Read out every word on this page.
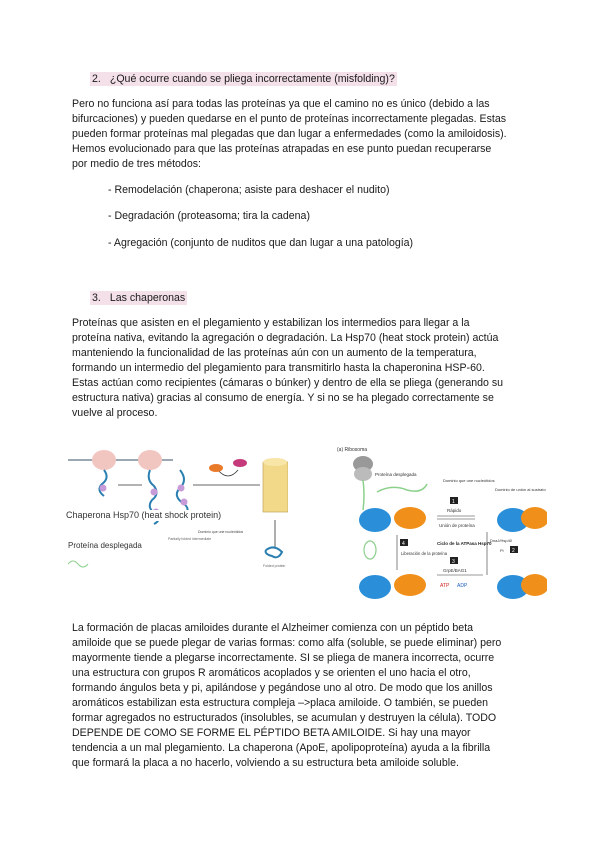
2. ¿Qué ocurre cuando se pliega incorrectamente (misfolding)?
Pero no funciona así para todas las proteínas ya que el camino no es único (debido a las
bifurcaciones) y pueden quedarse en el punto de proteínas incorrectamente plegadas. Estas
pueden formar proteínas mal plegadas que dan lugar a enfermedades (como la amiloidosis).
Hemos evolucionado para que las proteínas atrapadas en ese punto puedan recuperarse
por medio de tres métodos:
- Remodelación (chaperona; asiste para deshacer el nudito)
- Degradación (proteasoma; tira la cadena)
- Agregación (conjunto de nuditos que dan lugar a una patología)
3. Las chaperonas
Proteínas que asisten en el plegamiento y estabilizan los intermedios para llegar a la
proteína nativa, evitando la agregación o degradación. La Hsp70 (heat stock protein) actúa
manteniendo la funcionalidad de las proteínas aún con un aumento de la temperatura,
formando un intermedio del plegamiento para transmitirlo hasta la chaperonina HSP-60.
Estas actúan como recipientes (cámaras o búnker) y dentro de ella se pliega (generando su
estructura nativa) gracias al consumo de energía. Y si no se ha plegado correctamente se
vuelve al proceso.
Dominio que une nucleótidos
Partially folded intermediate
Folded protein
Chaperona Hsp70 (heat shock protein)
Proteína desplegada
(a) Ribosoma
Proteína desplegada
Dominio que une nucleótidos
Dominio de unión al sustrato
1
Rápido
Unión de proteína
Ciclo de la ATPasa Hsp70
DnaJ/Hsp40
Pi 2
3
GrpE/BAG1
ATP ADP
4
Liberación de la proteína
La formación de placas amiloides durante el Alzheimer comienza con un péptido beta
amiloide que se puede plegar de varias formas: como alfa (soluble, se puede eliminar) pero
mayormente tiende a plegarse incorrectamente. SI se pliega de manera incorrecta, ocurre
una estructura con grupos R aromáticos acoplados y se orienten el uno hacia el otro,
formando ángulos beta y pi, apilándose y pegándose uno al otro. De modo que los anillos
aromáticos estabilizan esta estructura compleja –>placa amiloide. O también, se pueden
formar agregados no estructurados (insolubles, se acumulan y destruyen la célula). TODO
DEPENDE DE COMO SE FORME EL PÉPTIDO BETA AMILOIDE. Si hay una mayor
tendencia a un mal plegamiento. La chaperona (ApoE, apolipoproteína) ayuda a la fibrilla
que formará la placa a no hacerlo, volviendo a su estructura beta amiloide soluble.
